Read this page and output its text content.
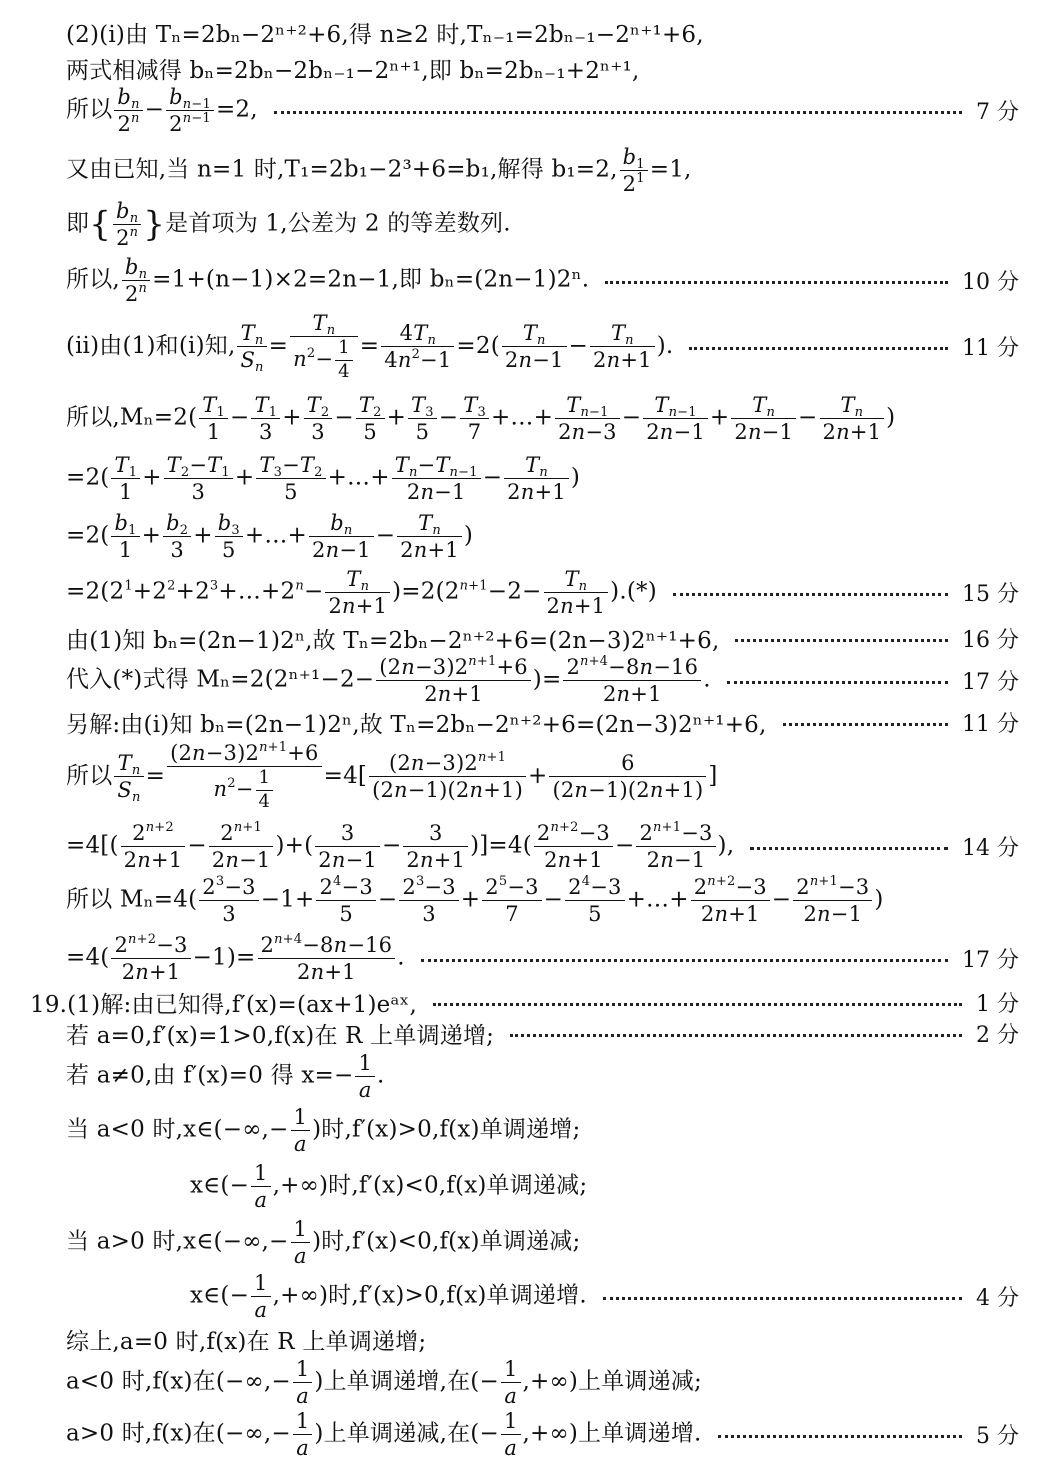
(2)(ⅰ)由 Tₙ=2bₙ−2ⁿ⁺²+6,得 n≥2 时,Tₙ₋₁=2bₙ₋₁−2ⁿ⁺¹+6,
两式相减得 bₙ=2bₙ−2bₙ₋₁−2ⁿ⁺¹,即 bₙ=2bₙ₋₁+2ⁿ⁺¹,
所以 $\frac{b_n}{2^n} - \frac{b_{n-1}}{2^{n-1}} =2$,	7 分
又由已知,当 n=1 时,T₁=2b₁−2³+6=b₁,解得 b₁=2, $\frac{b_1}{2^1} =1$,
即{ $\frac{b_n}{2^n}$ }是首项为 1,公差为 2 的等差数列.
所以, $\frac{b_n}{2^n} =1+(n-1)\times 2=2n-1$,即 bₙ=(2n−1)2ⁿ.	10 分
(ⅱ)由(1)和(ⅰ)知, $\frac{T_n}{S_n} = \frac{T_n}{n^2- \frac{1}{4}} = \frac{4T_n}{4n^2-1} =2( \frac{T_n}{2n-1} - \frac{T_n}{2n+1}$ ).	11 分
所以$,M_n=2( \frac{T_1}{1} - \frac{T_1}{3} + \frac{T_2}{3} - \frac{T_2}{5} + \frac{T_3}{5} - \frac{T_3}{7}$ +…+ $\frac{T_{n-1}}{2n-3} - \frac{T_{n-1}}{2n-1} + \frac{T_n}{2n-1} - \frac{T_n}{2n+1}$ )
$=2( \frac{T_1}{1} + \frac{T_2-T_1}{3} + \frac{T_3-T_2}{5}$ +…+ $\frac{T_n-T_{n-1}}{2n-1} - \frac{T_n}{2n+1}$ )
$=2( \frac{b_1}{1} + \frac{b_2}{3} + \frac{b_3}{5}$ +…+ $\frac{b_n}{2n-1} - \frac{T_n}{2n+1}$ )
$=2(2^1+2^2+2^3+\dots+2^n- \frac{T_n}{2n+1} )=2(2^{n+1}-2- \frac{T_n}{2n+1}$ ).(*)	15 分
由(1)知 bₙ=(2n−1)2ⁿ,故 Tₙ=2bₙ−2ⁿ⁺²+6=(2n−3)2ⁿ⁺¹+6,	16 分
代入(*)式得 $M_n=2(2^{n+1}-2- \frac{(2n-3)2^{n+1}+6}{2n+1}$ )= $\frac{2^{n+4}-8n-16}{2n+1}$ .	17 分
另解:由(ⅰ)知 bₙ=(2n−1)2ⁿ,故 Tₙ=2bₙ−2ⁿ⁺²+6=(2n−3)2ⁿ⁺¹+6,	11 分
所以 $\frac{T_n}{S_n} = \frac{(2n-3)2^{n+1}+6}{n^2- \frac{1}{4}} =4[ \frac{(2n-3)2^{n+1}}{(2n-1)(2n+1)} + \frac{6}{(2n-1)(2n+1)}$ ]
$=4[( \frac{2^{n+2}}{2n+1} - \frac{2^{n+1}}{2n-1}$ )+( $\frac{3}{2n-1} - \frac{3}{2n+1} )]=4( \frac{2^{n+2}-3}{2n+1} - \frac{2^{n+1}-3}{2n-1}$ ),	14 分
所以 $M_n=4( \frac{2^3-3}{3} -1+ \frac{2^4-3}{5} - \frac{2^3-3}{3} + \frac{2^5-3}{7} - \frac{2^4-3}{5}$ +…+ $\frac{2^{n+2}-3}{2n+1} - \frac{2^{n+1}-3}{2n-1}$ )
$=4( \frac{2^{n+2}-3}{2n+1} -1)= \frac{2^{n+4}-8n-16}{2n+1}$ .	17 分
19.(1)解:由已知得,f′(x)=(ax+1)eᵃˣ,	1 分
若 a=0,f′(x)=1>0,f(x)在 R 上单调递增;	2 分
若 a≠0,由 f′(x)=0 得 $x=- \frac{1}{a}$ .
当 a<0 时,x∈(−∞,− $\frac{1}{a}$ )时,f′(x)>0,f(x)单调递增;
x∈(− $\frac{1}{a}$ ,+∞)时,f′(x)<0,f(x)单调递减;
当 a>0 时,x∈(−∞,− $\frac{1}{a}$ )时,f′(x)<0,f(x)单调递减;
x∈(− $\frac{1}{a}$ ,+∞)时,f′(x)>0,f(x)单调递增.	4 分
综上,a=0 时,f(x)在 R 上单调递增;
a<0 时,f(x)在(−∞,− $\frac{1}{a}$ )上单调递增,在(− $\frac{1}{a}$ ,+∞)上单调递减;
a>0 时,f(x)在(−∞,− $\frac{1}{a}$ )上单调递减,在(− $\frac{1}{a}$ ,+∞)上单调递增.	5 分
